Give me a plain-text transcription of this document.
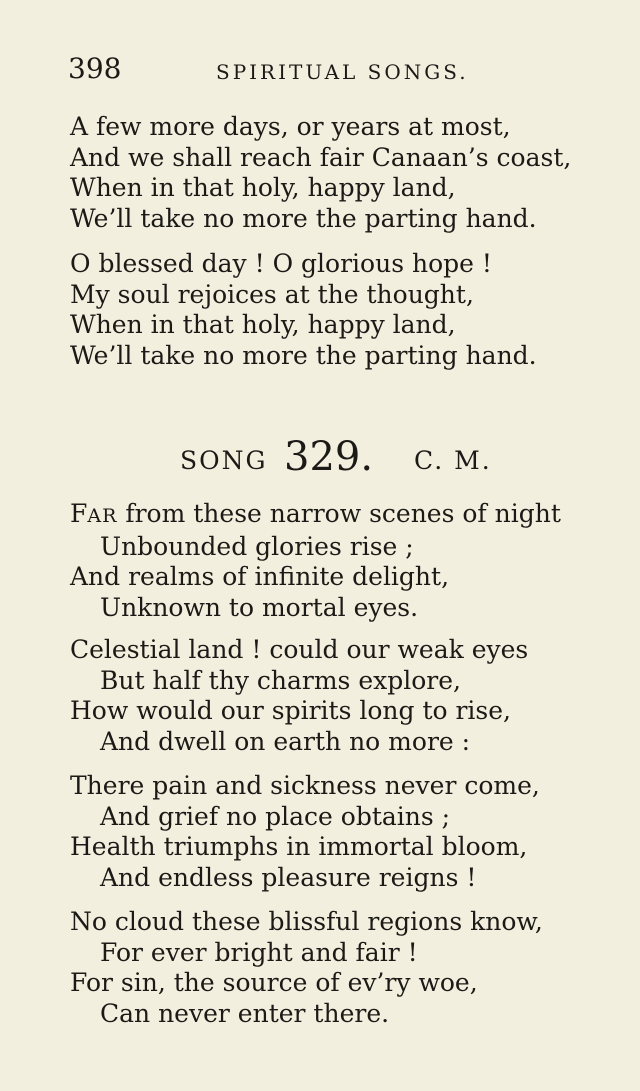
398	SPIRITUAL SONGS.
A few more days, or years at most,
And we shall reach fair Canaan’s coast,
When in that holy, happy land,
We’ll take no more the parting hand.
O blessed day ! O glorious hope !
My soul rejoices at the thought,
When in that holy, happy land,
We’ll take no more the parting hand.
SONG 329. C. M.
FAR from these narrow scenes of night
Unbounded glories rise ;
And realms of infinite delight,
Unknown to mortal eyes.
Celestial land ! could our weak eyes
But half thy charms explore,
How would our spirits long to rise,
And dwell on earth no more :
There pain and sickness never come,
And grief no place obtains ;
Health triumphs in immortal bloom,
And endless pleasure reigns !
No cloud these blissful regions know,
For ever bright and fair !
For sin, the source of ev’ry woe,
Can never enter there.
